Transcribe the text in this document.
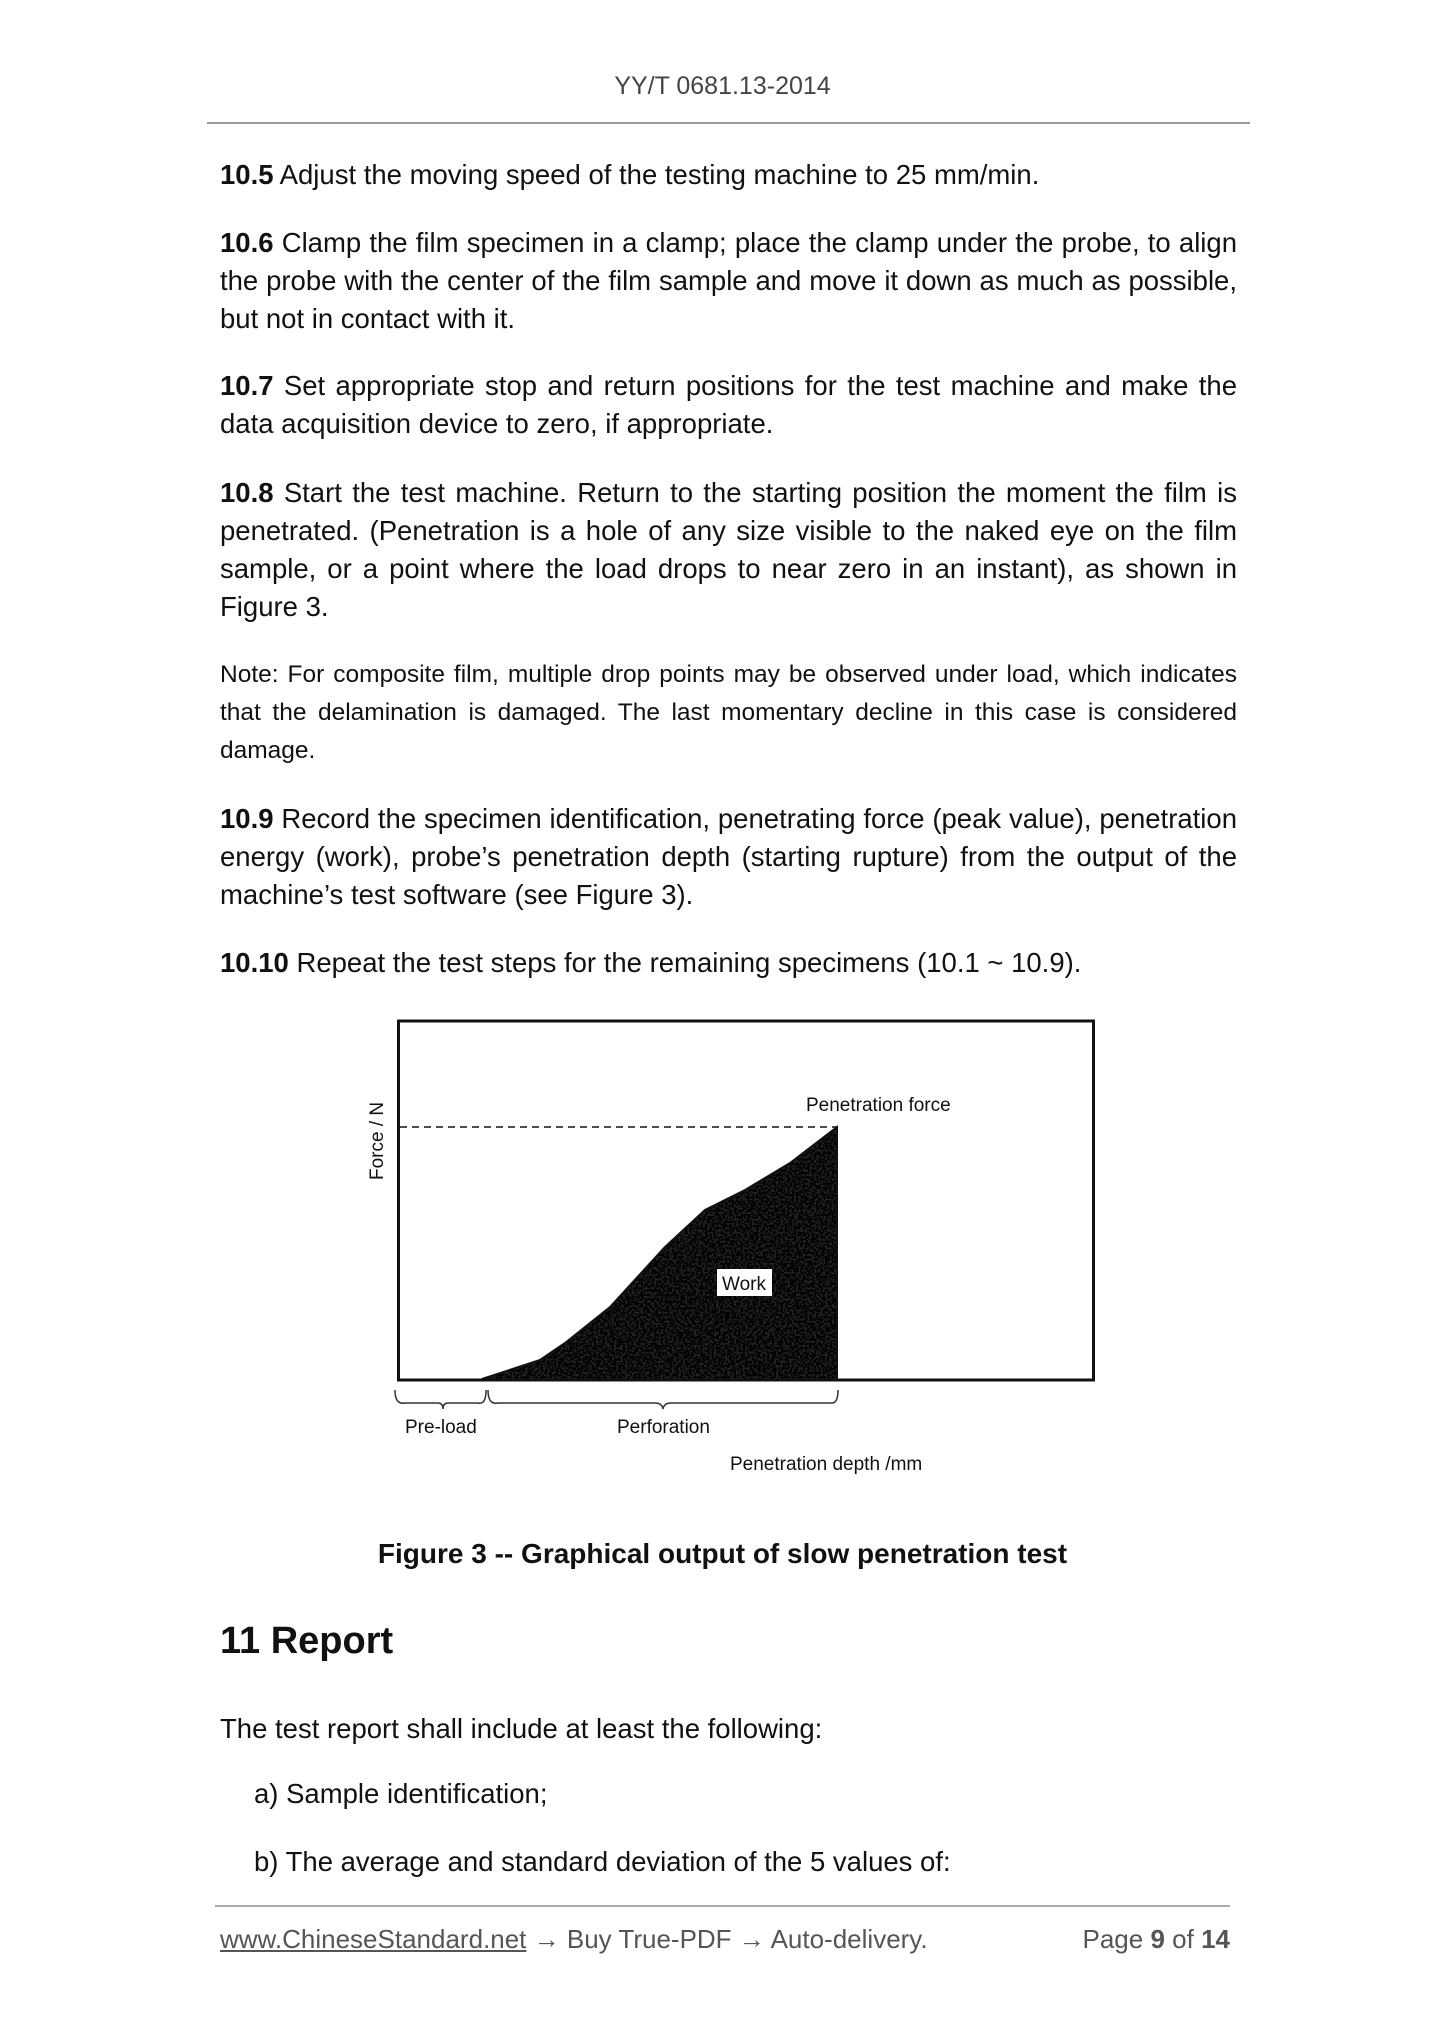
YY/T 0681.13-2014
10.5 Adjust the moving speed of the testing machine to 25 mm/min.
10.6 Clamp the film specimen in a clamp; place the clamp under the probe, to align the probe with the center of the film sample and move it down as much as possible, but not in contact with it.
10.7 Set appropriate stop and return positions for the test machine and make the data acquisition device to zero, if appropriate.
10.8 Start the test machine. Return to the starting position the moment the film is penetrated. (Penetration is a hole of any size visible to the naked eye on the film sample, or a point where the load drops to near zero in an instant), as shown in Figure 3.
Note: For composite film, multiple drop points may be observed under load, which indicates that the delamination is damaged. The last momentary decline in this case is considered damage.
10.9 Record the specimen identification, penetrating force (peak value), penetration energy (work), probe’s penetration depth (starting rupture) from the output of the machine’s test software (see Figure 3).
10.10 Repeat the test steps for the remaining specimens (10.1 ~ 10.9).
Penetration force
Work
Force / N
Pre-load	Perforation
Penetration depth /mm
Figure 3 -- Graphical output of slow penetration test
11 Report
The test report shall include at least the following:
a) Sample identification;
b) The average and standard deviation of the 5 values of:
www.ChineseStandard.net → Buy True-PDF → Auto-delivery.	Page 9 of 14
